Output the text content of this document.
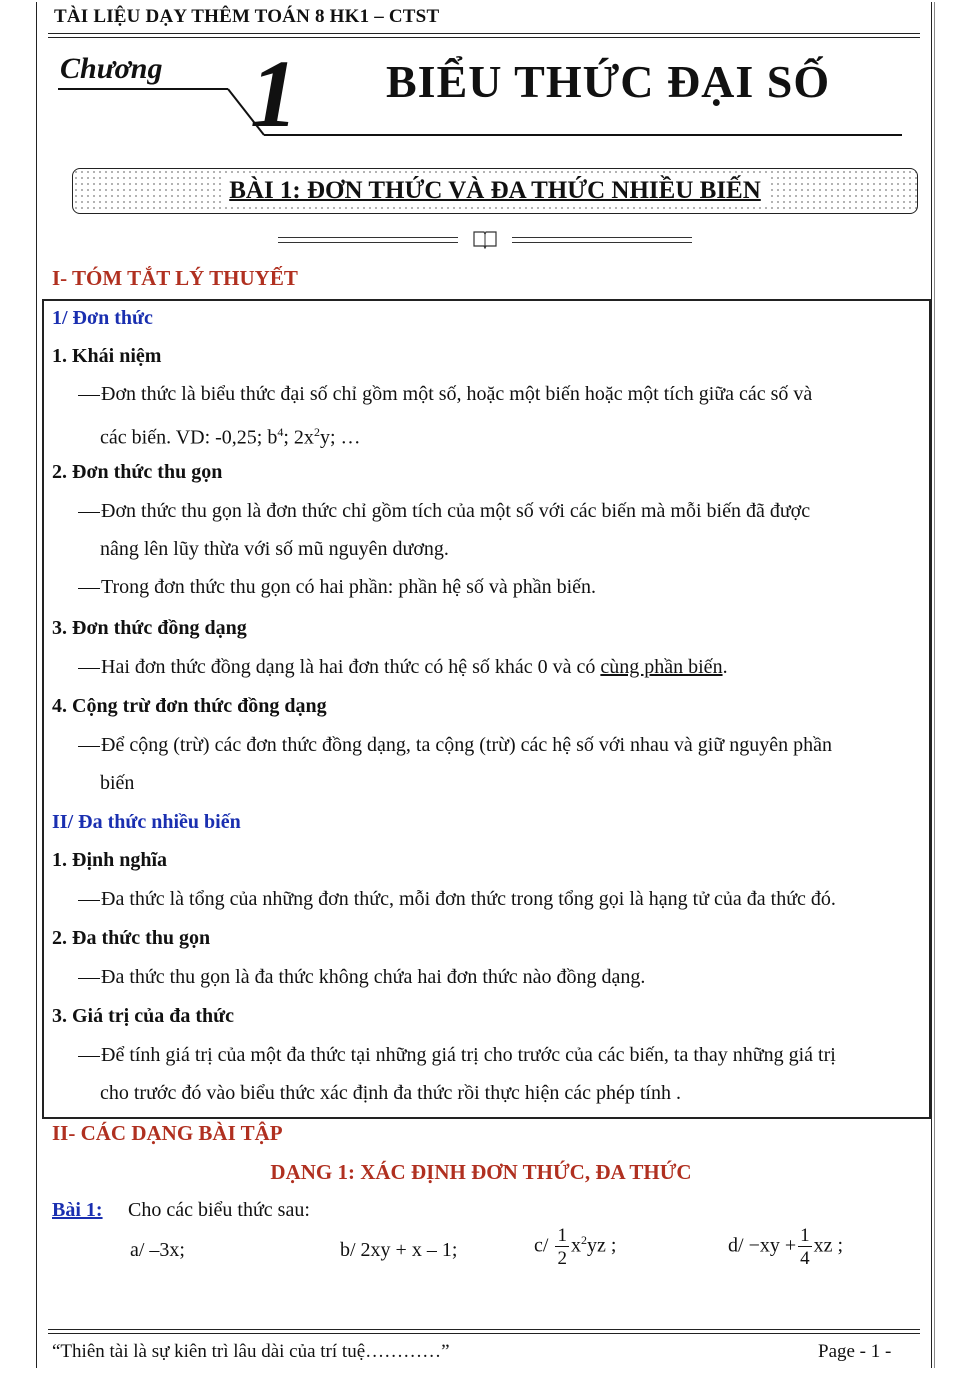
TÀI LIỆU DẠY THÊM TOÁN 8 HK1 – CTST
Chương 1 BIỂU THỨC ĐẠI SỐ
BÀI 1: ĐƠN THỨC VÀ ĐA THỨC NHIỀU BIẾN
I- TÓM TẮT LÝ THUYẾT
1/ Đơn thức
1. Khái niệm
Đơn thức là biểu thức đại số chỉ gồm một số, hoặc một biến hoặc một tích giữa các số và
các biến. VD: -0,25; $b^4$; $2x^2y$; …
2. Đơn thức thu gọn
Đơn thức thu gọn là đơn thức chỉ gồm tích của một số với các biến mà mỗi biến đã được
nâng lên lũy thừa với số mũ nguyên dương.
Trong đơn thức thu gọn có hai phần: phần hệ số và phần biến.
3. Đơn thức đồng dạng
Hai đơn thức đồng dạng là hai đơn thức có hệ số khác 0 và có cùng phần biến.
4. Cộng trừ đơn thức đồng dạng
Để cộng (trừ) các đơn thức đồng dạng, ta cộng (trừ) các hệ số với nhau và giữ nguyên phần
biến
II/ Đa thức nhiều biến
1. Định nghĩa
Đa thức là tổng của những đơn thức, mỗi đơn thức trong tổng gọi là hạng tử của đa thức đó.
2. Đa thức thu gọn
Đa thức thu gọn là đa thức không chứa hai đơn thức nào đồng dạng.
3. Giá trị của đa thức
Để tính giá trị của một đa thức tại những giá trị cho trước của các biến, ta thay những giá trị
cho trước đó vào biểu thức xác định đa thức rồi thực hiện các phép tính .
II- CÁC DẠNG BÀI TẬP
DẠNG 1: XÁC ĐỊNH ĐƠN THỨC, ĐA THỨC
Bài 1: Cho các biểu thức sau:
a/ –3x;	b/ 2xy + x – 1;	$c/ \frac{1}{2} x^2yz$ ;	$d/ -xy + \frac{1}{4}$ xz ;
“Thiên tài là sự kiên trì lâu dài của trí tuệ…………”	Page - 1 -
